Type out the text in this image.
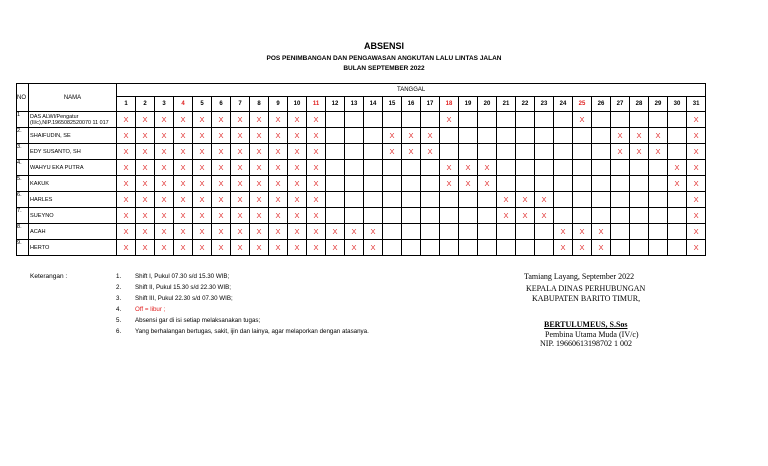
ABSENSI
POS PENIMBANGAN DAN PENGAWASAN ANGKUTAN LALU LINTAS JALAN
BULAN SEPTEMBER 2022
NO	NAMA	TANGGAL																														
		1	2	3	4	5	6	7	8	9	10	11	12	13	14	15	16	17	18	19	20	21	22	23	24	25	26	27	28	29	30	31
1	DAS ALWI/Pengatur (II/c),NIP.1965082520070 11 017	X	X	X	X	X	X	X	X	X	X	X							X							X						X
2.	SHAIFUDIN, SE	X	X	X	X	X	X	X	X	X	X	X				X	X	X										X	X	X		X
3.	EDY SUSANTO, SH	X	X	X	X	X	X	X	X	X	X	X				X	X	X										X	X	X		X
4.	WAHYU EKA PUTRA	X	X	X	X	X	X	X	X	X	X	X							X	X	X										X	X
5.	KAKUK	X	X	X	X	X	X	X	X	X	X	X							X	X	X										X	X
6.	HARLES	X	X	X	X	X	X	X	X	X	X	X										X	X	X								X
7.	SUEYNO	X	X	X	X	X	X	X	X	X	X	X										X	X	X								X
8.	ACAH	X	X	X	X	X	X	X	X	X	X	X	X	X	X										X	X	X					X
9.	HERTO	X	X	X	X	X	X	X	X	X	X	X	X	X	X										X	X	X					X
Keterangan :	1. Shift I, Pukul 07.30 s/d 15.30 WIB;
2. Shift II, Pukul 15.30 s/d 22.30 WIB;
3. Shift III, Pukul 22.30 s/d 07.30 WIB;
4. Off = libur ;
5. Absensi gar di isi setiap melaksanakan tugas;
6. Yang berhalangan bertugas, sakit, ijin dan lainya, agar melaporkan dengan atasanya.
Tamiang Layang, September 2022
KEPALA DINAS PERHUBUNGAN
KABUPATEN BARITO TIMUR,
BERTULUMEUS, S.Sos
Pembina Utama Muda (IV/c)
NIP. 19660613198702 1 002
